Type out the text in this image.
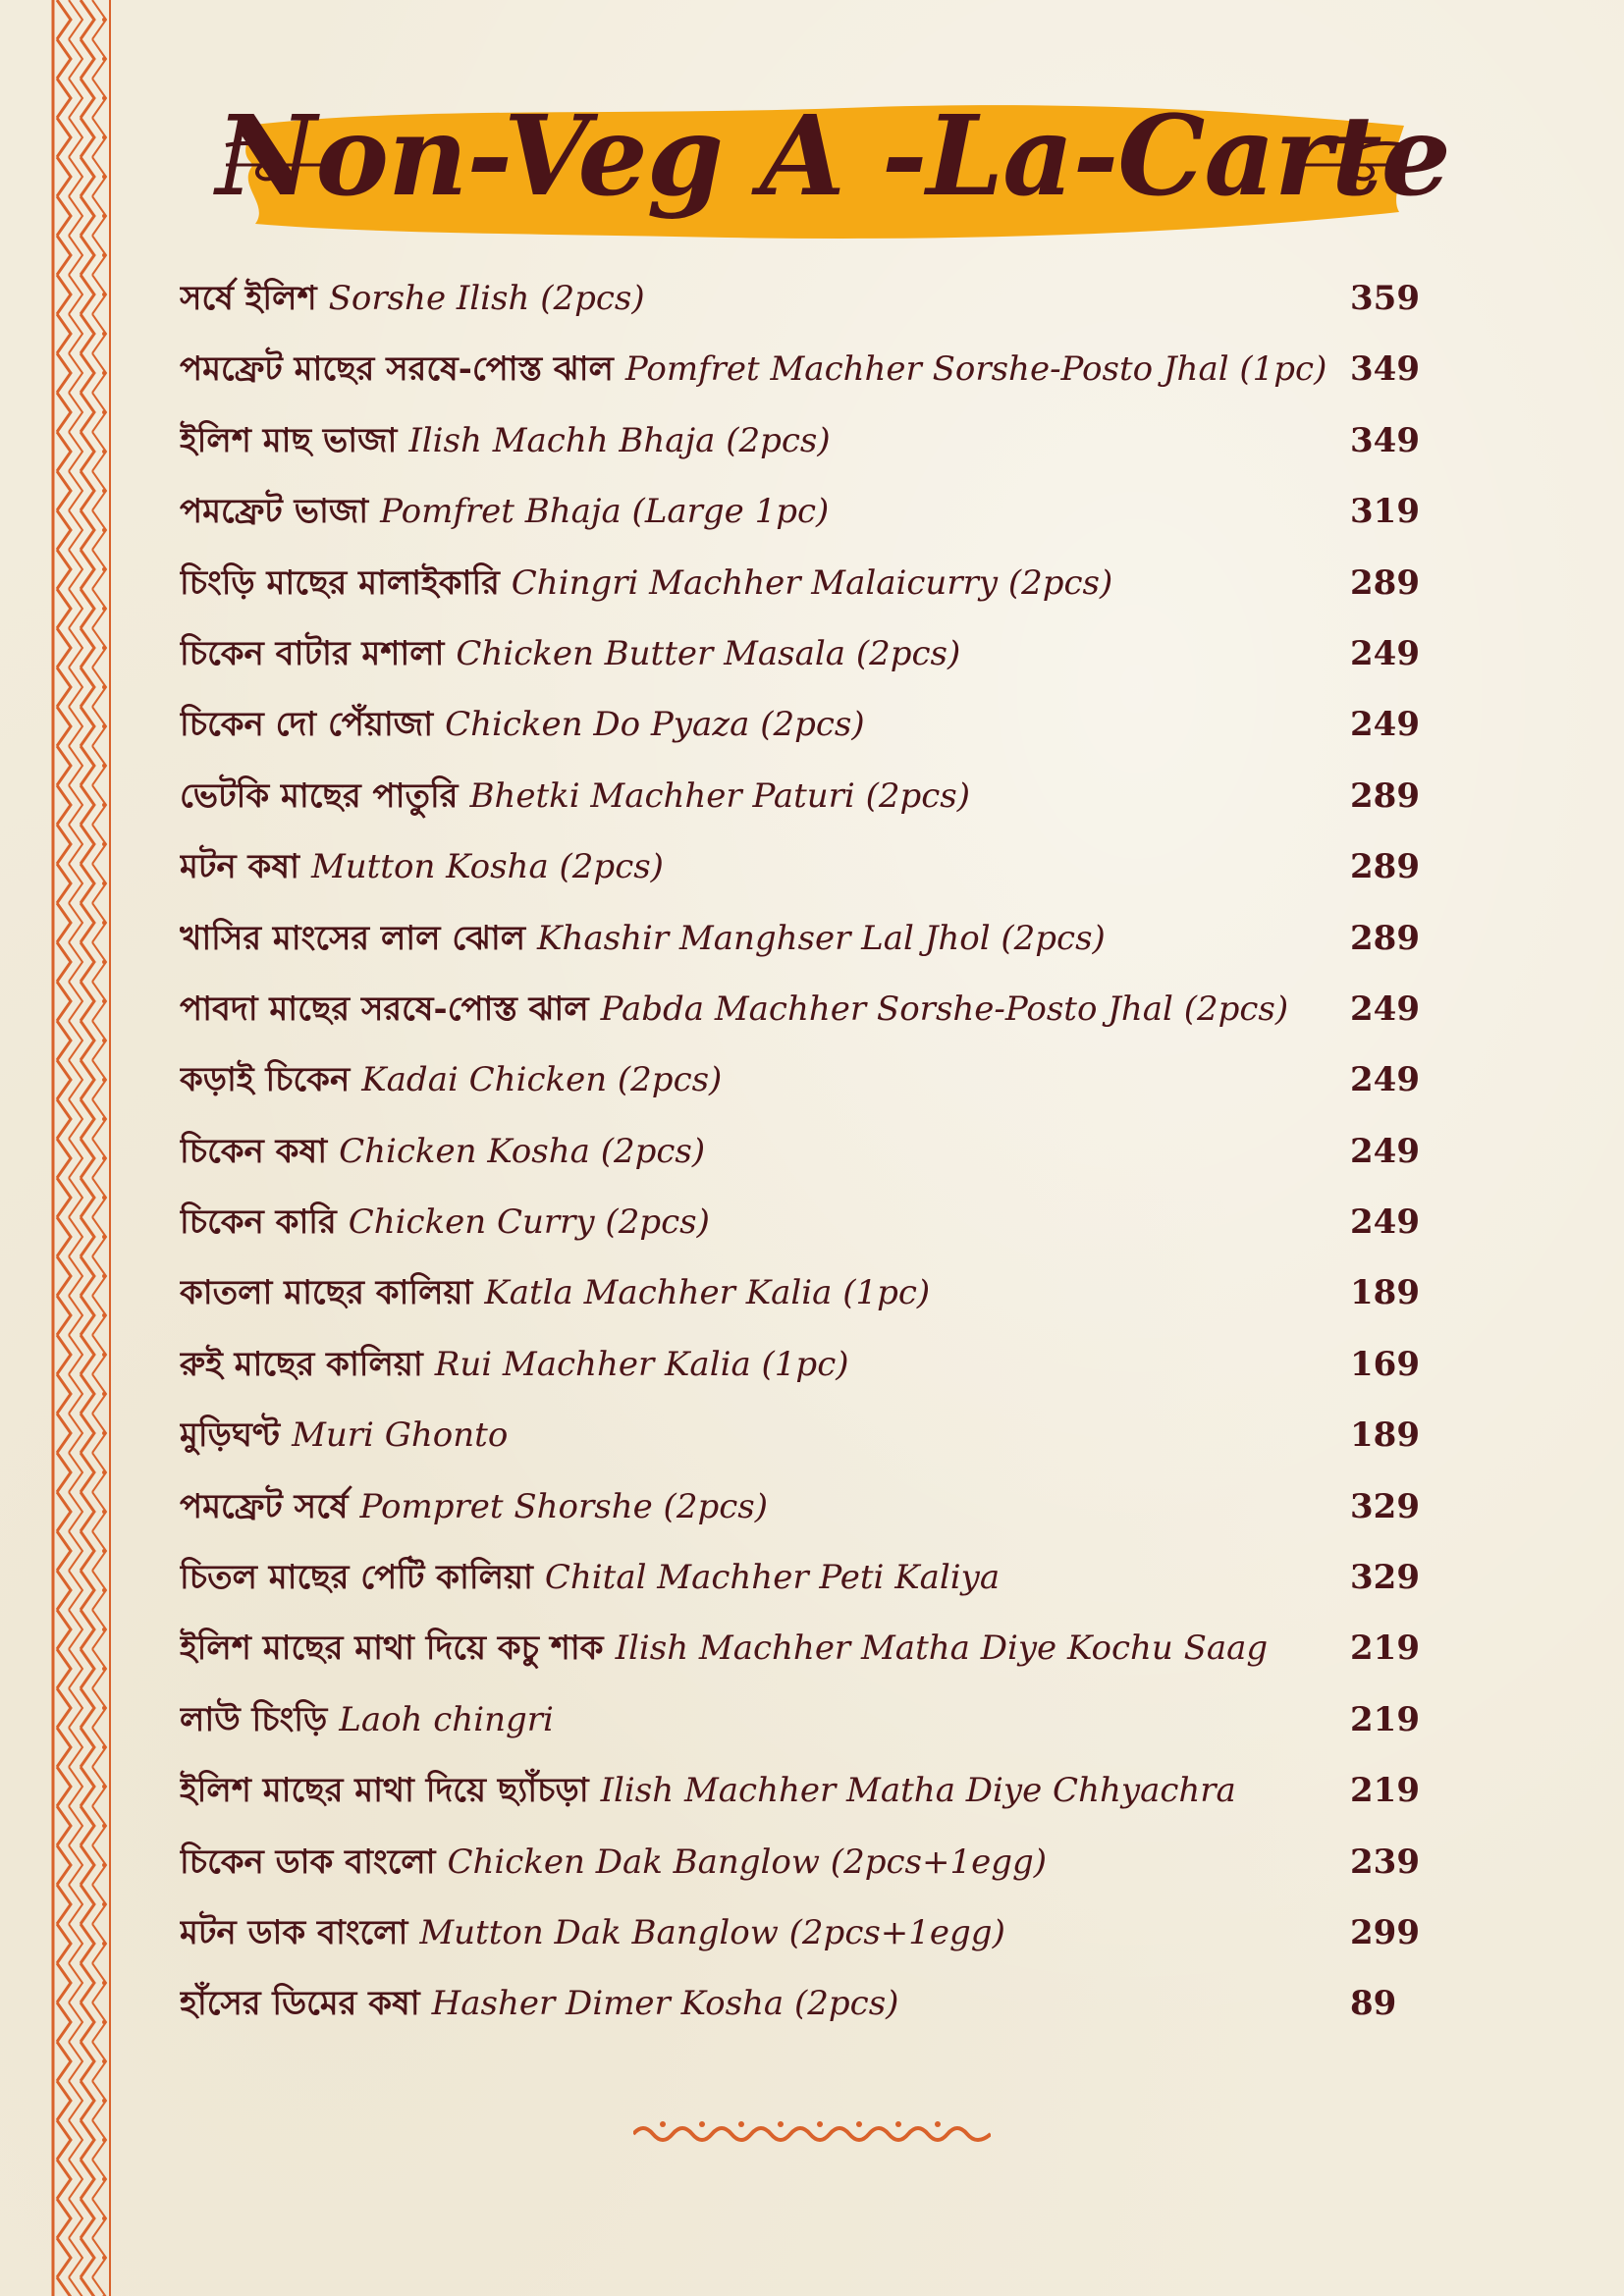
Non-Veg A -La-Carte
সর্ষে ইলিশ Sorshe Ilish (2pcs)	359
পমফ্রেট মাছের সরষে-পোস্ত ঝাল Pomfret Machher Sorshe-Posto Jhal (1pc) 349
ইলিশ মাছ ভাজা Ilish Machh Bhaja (2pcs)	349
পমফ্রেট ভাজা Pomfret Bhaja (Large 1pc)	319
চিংড়ি মাছের মালাইকারি Chingri Machher Malaicurry (2pcs)	289
চিকেন বাটার মশালা Chicken Butter Masala (2pcs)	249
চিকেন দো পেঁয়াজা Chicken Do Pyaza (2pcs)	249
ভেটকি মাছের পাতুরি Bhetki Machher Paturi (2pcs)	289
মটন কষা Mutton Kosha (2pcs)	289
খাসির মাংসের লাল ঝোল Khashir Manghser Lal Jhol (2pcs)	289
পাবদা মাছের সরষে-পোস্ত ঝাল Pabda Machher Sorshe-Posto Jhal (2pcs)	249
কড়াই চিকেন Kadai Chicken (2pcs)	249
চিকেন কষা Chicken Kosha (2pcs)	249
চিকেন কারি Chicken Curry (2pcs)	249
কাতলা মাছের কালিয়া Katla Machher Kalia (1pc)	189
রুই মাছের কালিয়া Rui Machher Kalia (1pc)	169
মুড়িঘণ্ট Muri Ghonto	189
পমফ্রেট সর্ষে Pompret Shorshe (2pcs)	329
চিতল মাছের পেটি কালিয়া Chital Machher Peti Kaliya	329
ইলিশ মাছের মাথা দিয়ে কচু শাক Ilish Machher Matha Diye Kochu Saag	219
লাউ চিংড়ি Laoh chingri	219
ইলিশ মাছের মাথা দিয়ে ছ্যাঁচড়া Ilish Machher Matha Diye Chhyachra	219
চিকেন ডাক বাংলো Chicken Dak Banglow (2pcs+1egg)	239
মটন ডাক বাংলো Mutton Dak Banglow (2pcs+1egg)	299
হাঁসের ডিমের কষা Hasher Dimer Kosha (2pcs)	89
